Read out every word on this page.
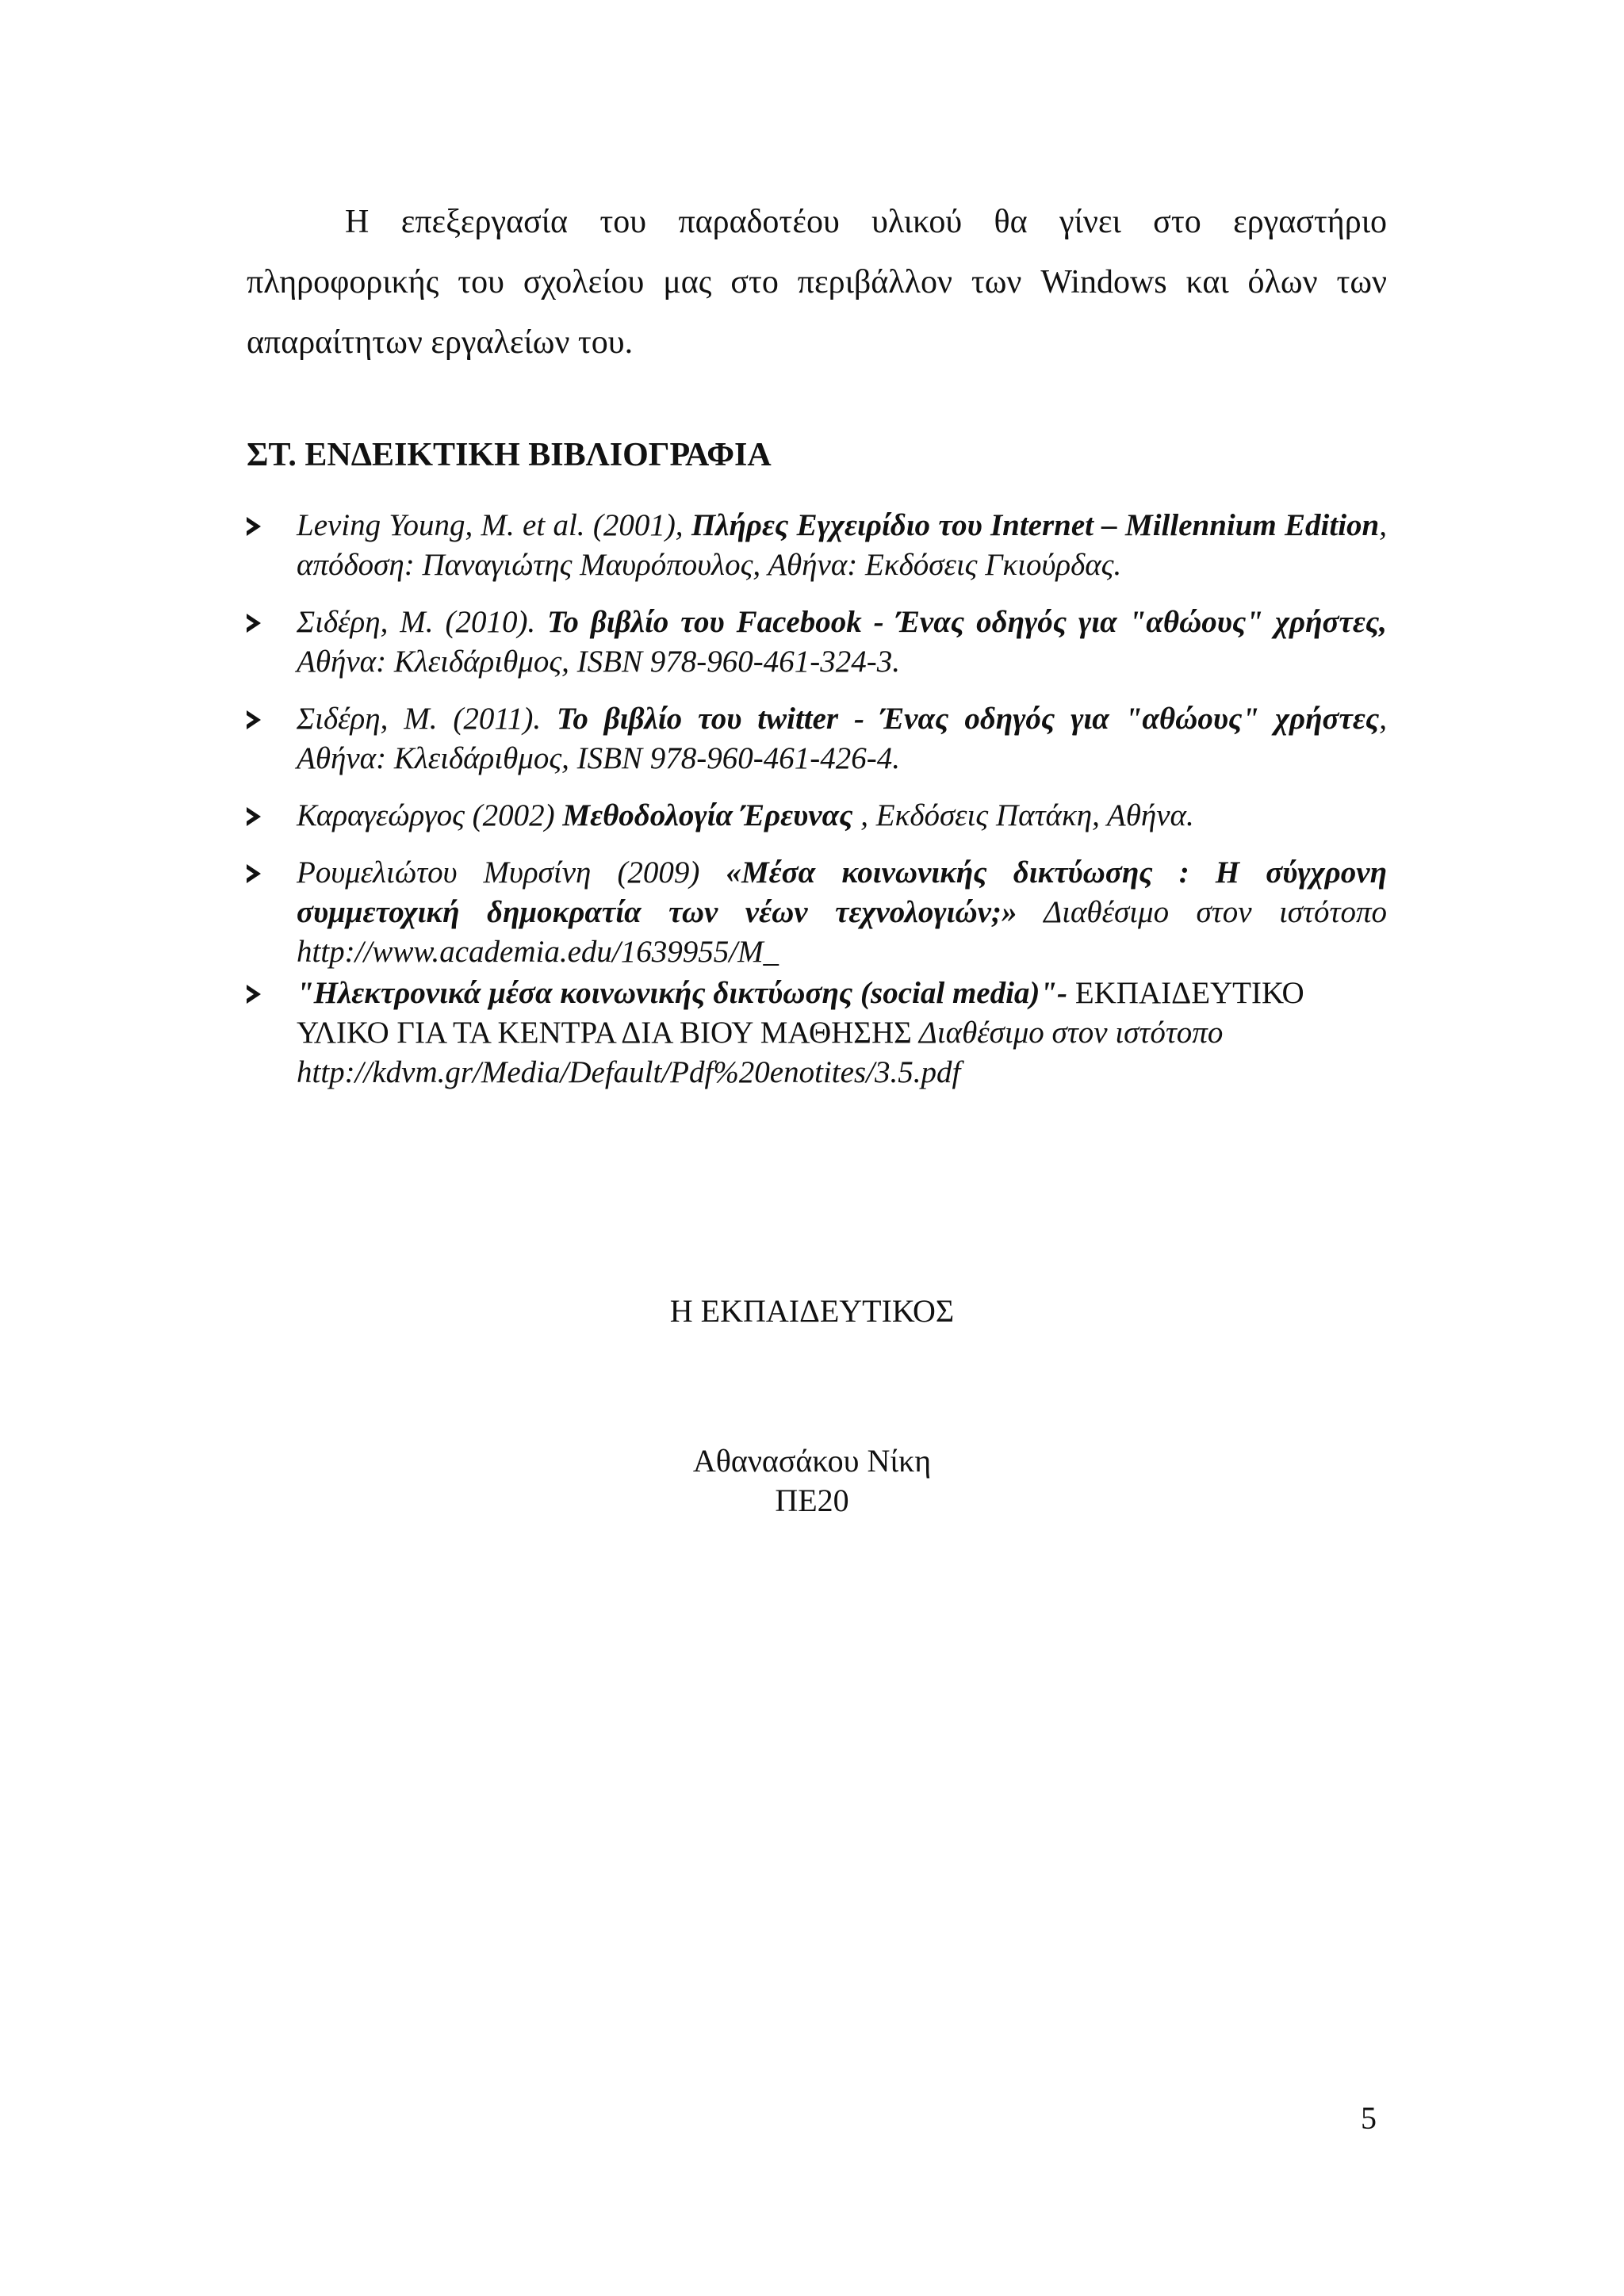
Η επεξεργασία του παραδοτέου υλικού θα γίνει στο εργαστήριο πληροφορικής του σχολείου μας στο περιβάλλον των Windows και όλων των απαραίτητων εργαλείων του.

ΣΤ. ΕΝΔΕΙΚΤΙΚΗ ΒΙΒΛΙΟΓΡΑΦΙΑ
Leving Young, M. et al. (2001), Πλήρες Εγχειρίδιο του Internet – Millennium Edition, απόδοση: Παναγιώτης Μαυρόπουλος, Αθήνα: Εκδόσεις Γκιούρδας.
Σιδέρη, Μ. (2010). Το βιβλίο του Facebook - Ένας οδηγός για "αθώους" χρήστες, Αθήνα: Κλειδάριθμος, ISBN 978-960-461-324-3.
Σιδέρη, Μ. (2011). Το βιβλίο του twitter - Ένας οδηγός για "αθώους" χρήστες, Αθήνα: Κλειδάριθμος, ISBN 978-960-461-426-4.
Καραγεώργος (2002) Μεθοδολογία Έρευνας , Εκδόσεις Πατάκη, Αθήνα.
Ρουμελιώτου Μυρσίνη (2009) «Μέσα κοινωνικής δικτύωσης : Η σύγχρονη συμμετοχική δημοκρατία των νέων τεχνολογιών;» Διαθέσιμο στον ιστότοπο http://www.academia.edu/1639955/M_
"Ηλεκτρονικά μέσα κοινωνικής δικτύωσης (social media)"- ΕΚΠΑΙΔΕΥΤΙΚΟ ΥΛΙΚΟ ΓΙΑ ΤΑ ΚΕΝΤΡΑ ΔΙΑ ΒΙΟΥ ΜΑΘΗΣΗΣ Διαθέσιμο στον ιστότοπο http://kdvm.gr/Media/Default/Pdf%20enotites/3.5.pdf

Η ΕΚΠΑΙΔΕΥΤΙΚΟΣ

Αθανασάκου Νίκη

ΠΕ20

5
